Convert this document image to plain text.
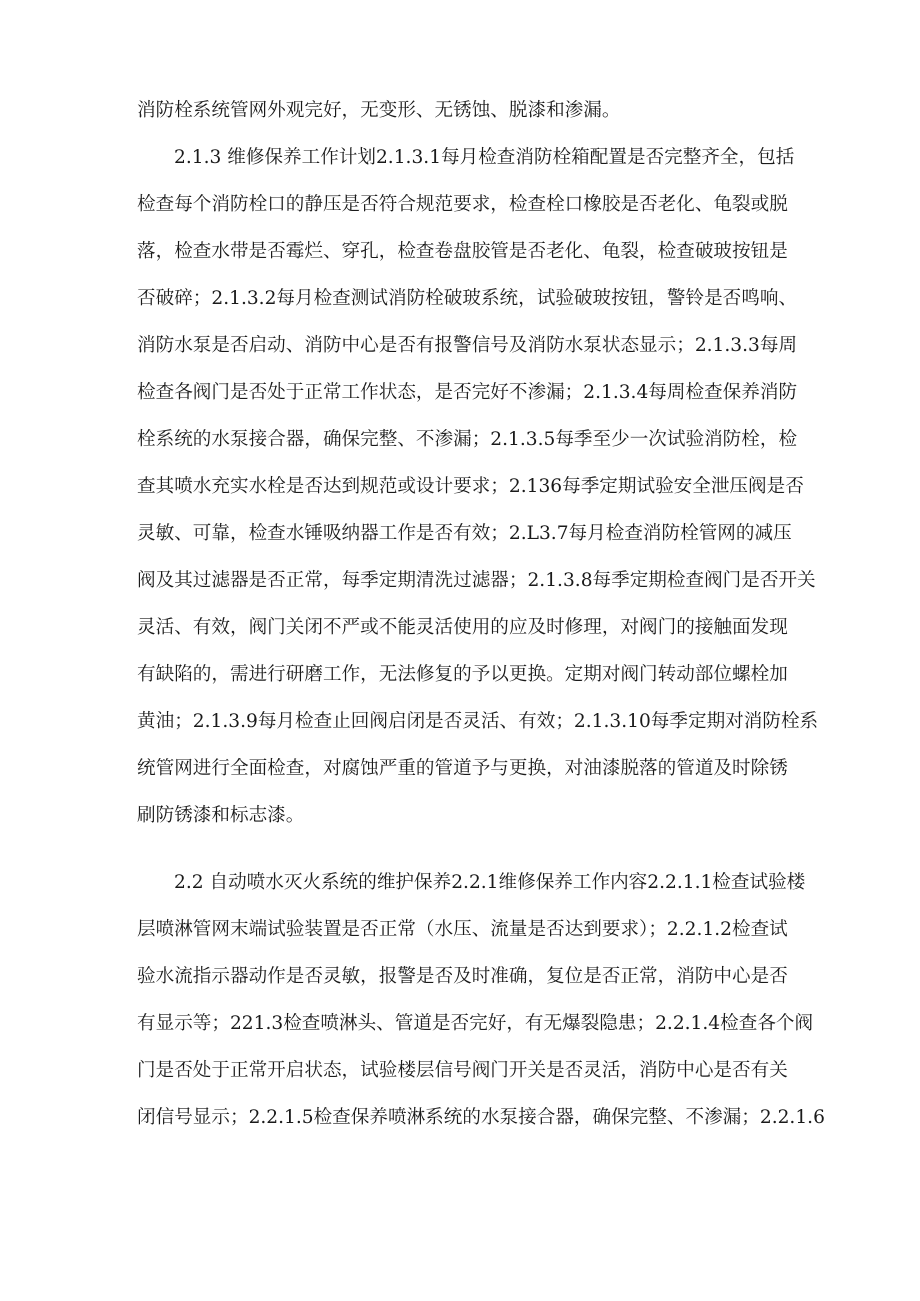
消防栓系统管网外观完好，无变形、无锈蚀、脱漆和渗漏。

2.1.3 维修保养工作计划2.1.3.1每月检查消防栓箱配置是否完整齐全，包括

检查每个消防栓口的静压是否符合规范要求，检查栓口橡胶是否老化、龟裂或脱

落，检查水带是否霉烂、穿孔，检查卷盘胶管是否老化、龟裂，检查破玻按钮是

否破碎；2.1.3.2每月检查测试消防栓破玻系统，试验破玻按钮，警铃是否鸣响、

消防水泵是否启动、消防中心是否有报警信号及消防水泵状态显示；2.1.3.3每周

检查各阀门是否处于正常工作状态，是否完好不渗漏；2.1.3.4每周检查保养消防

栓系统的水泵接合器，确保完整、不渗漏；2.1.3.5每季至少一次试验消防栓，检

查其喷水充实水栓是否达到规范或设计要求；2.136每季定期试验安全泄压阀是否

灵敏、可靠，检查水锤吸纳器工作是否有效；2.L3.7每月检查消防栓管网的减压

阀及其过滤器是否正常，每季定期清洗过滤器；2.1.3.8每季定期检查阀门是否开关

灵活、有效，阀门关闭不严或不能灵活使用的应及时修理，对阀门的接触面发现

有缺陷的，需进行研磨工作，无法修复的予以更换。定期对阀门转动部位螺栓加

黄油；2.1.3.9每月检查止回阀启闭是否灵活、有效；2.1.3.10每季定期对消防栓系

统管网进行全面检查，对腐蚀严重的管道予与更换，对油漆脱落的管道及时除锈

刷防锈漆和标志漆。

2.2 自动喷水灭火系统的维护保养2.2.1维修保养工作内容2.2.1.1检查试验楼

层喷淋管网末端试验装置是否正常（水压、流量是否达到要求）；2.2.1.2检查试

验水流指示器动作是否灵敏，报警是否及时准确，复位是否正常，消防中心是否

有显示等；221.3检查喷淋头、管道是否完好，有无爆裂隐患；2.2.1.4检查各个阀

门是否处于正常开启状态，试验楼层信号阀门开关是否灵活，消防中心是否有关

闭信号显示；2.2.1.5检查保养喷淋系统的水泵接合器，确保完整、不渗漏；2.2.1.6
